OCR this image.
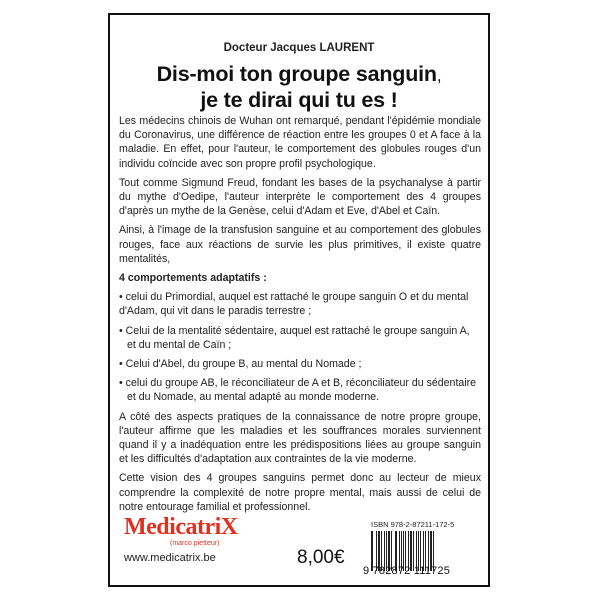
Docteur Jacques LAURENT
Dis-moi ton groupe sanguin,
je te dirai qui tu es !

Les médecins chinois de Wuhan ont remarqué, pendant l'épidémie mondiale du Coronavirus, une différence de réaction entre les groupes 0 et A face à la maladie. En effet, pour l'auteur, le comportement des globules rouges d'un individu coïncide avec son propre profil psychologique.

Tout comme Sigmund Freud, fondant les bases de la psychanalyse à partir du mythe d'Oedipe, l'auteur interprète le comportement des 4 groupes d'après un mythe de la Genèse, celui d'Adam et Eve, d'Abel et Caïn.

Ainsi, à l'image de la transfusion sanguine et au comportement des globules rouges, face aux réactions de survie les plus primitives, il existe quatre mentalités,

4 comportements adaptatifs :

• celui du Primordial, auquel est rattaché le groupe sanguin O et du mental d'Adam, qui vit dans le paradis terrestre ;

• Celui de la mentalité sédentaire, auquel est rattaché le groupe sanguin A, et du mental de Caïn ;

• Celui d'Abel, du groupe B, au mental du Nomade ;

• celui du groupe AB, le réconciliateur de A et B, réconciliateur du sédentaire et du Nomade, au mental adapté au monde moderne.

A côté des aspects pratiques de la connaissance de notre propre groupe, l'auteur affirme que les maladies et les souffrances morales surviennent quand il y a inadéquation entre les prédispositions liées au groupe sanguin et les difficultés d'adaptation aux contraintes de la vie moderne.

Cette vision des 4 groupes sanguins permet donc au lecteur de mieux comprendre la complexité de notre propre mental, mais aussi de celui de notre entourage familial et professionnel.

MedicatriX
(marco pietteur)
www.medicatrix.be	8,00€
ISBN 978-2-87211-172-5
9 782872 111725
